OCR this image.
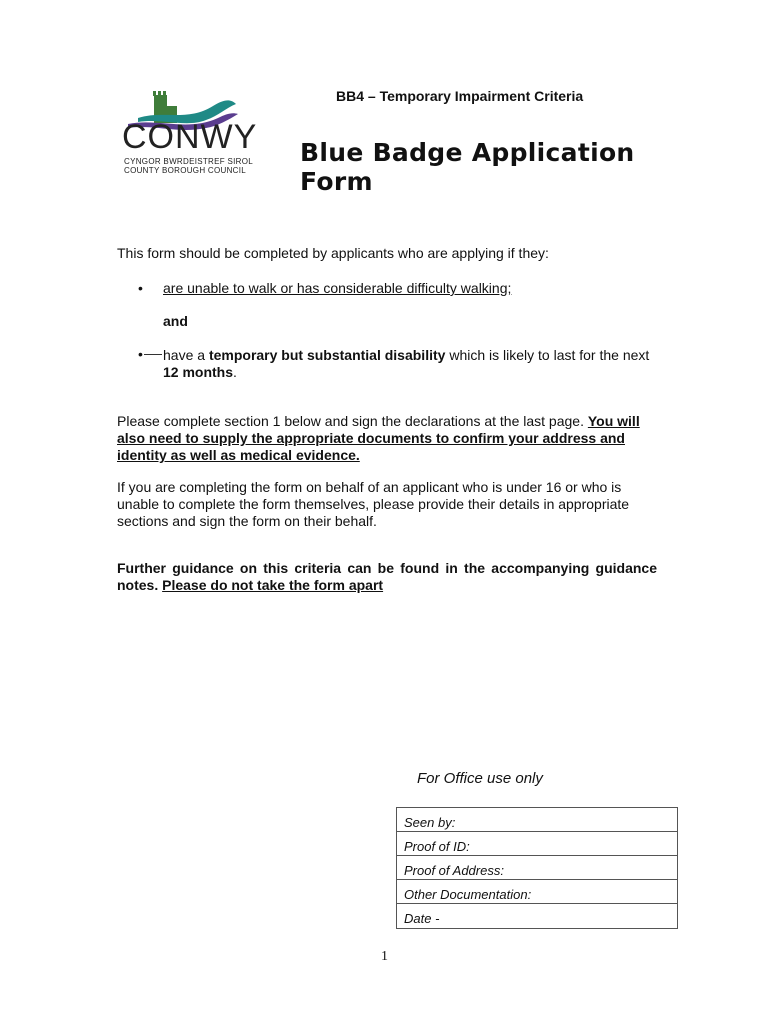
CONWY
CYNGOR BWRDEISTREF SIROL
COUNTY BOROUGH COUNCIL
BB4 – Temporary Impairment Criteria
Blue Badge Application Form
This form should be completed by applicants who are applying if they:
• are unable to walk or has considerable difficulty walking;
and
• have a temporary but substantial disability which is likely to last for the next 12 months.
Please complete section 1 below and sign the declarations at the last page. You will also need to supply the appropriate documents to confirm your address and identity as well as medical evidence.
If you are completing the form on behalf of an applicant who is under 16 or who is unable to complete the form themselves, please provide their details in appropriate sections and sign the form on their behalf.
Further guidance on this criteria can be found in the accompanying guidance notes. Please do not take the form apart
For Office use only
Seen by:
Proof of ID:
Proof of Address:
Other Documentation:
Date -
1
